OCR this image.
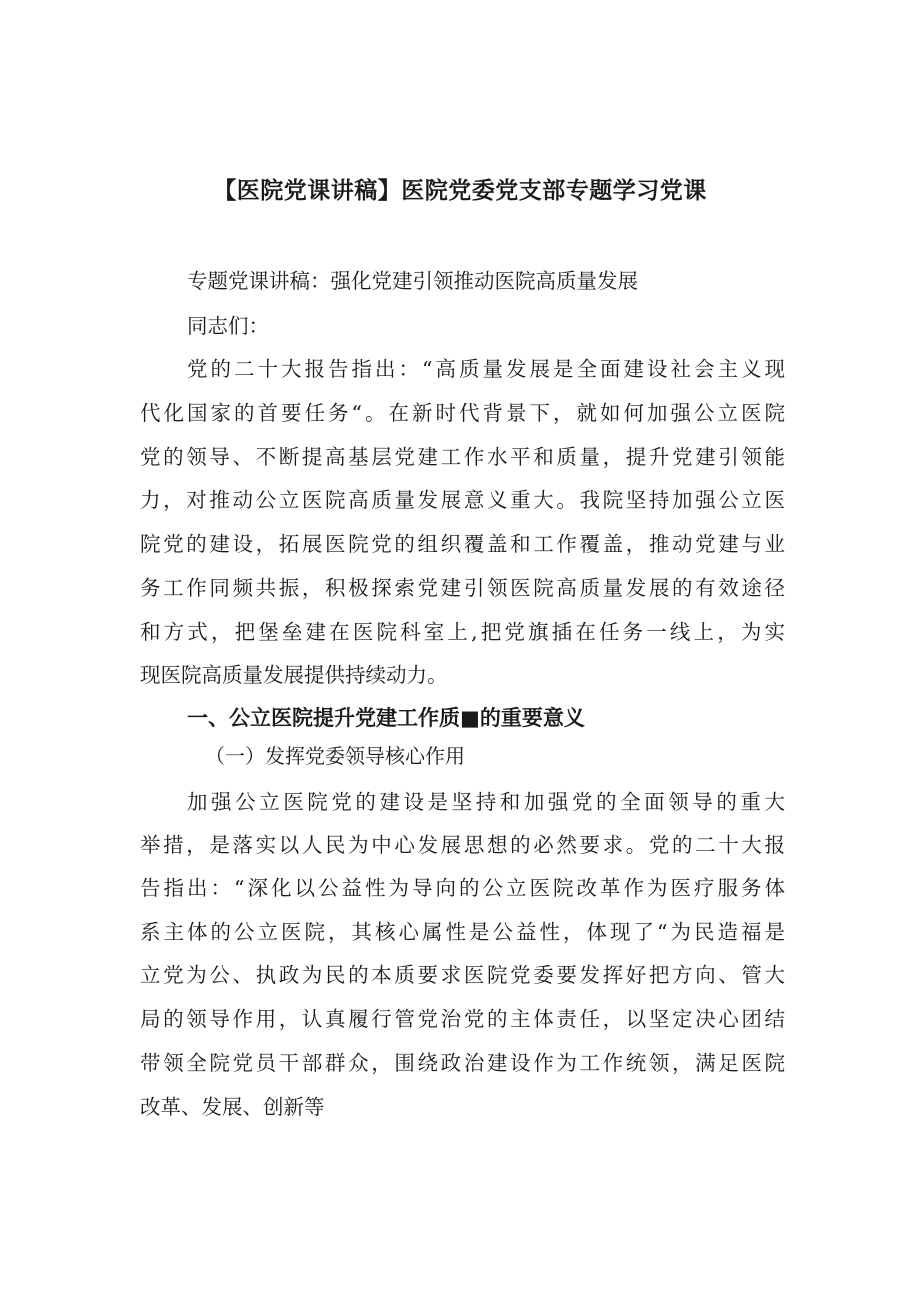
【医院党课讲稿】医院党委党支部专题学习党课
专题党课讲稿：强化党建引领推动医院高质量发展
同志们：
党的二十大报告指出：“高质量发展是全面建设社会主义现
代化国家的首要任务“。在新时代背景下，就如何加强公立医院
党的领导、不断提高基层党建工作水平和质量，提升党建引领能
力，对推动公立医院高质量发展意义重大。我院坚持加强公立医
院党的建设，拓展医院党的组织覆盖和工作覆盖，推动党建与业
务工作同频共振，积极探索党建引领医院高质量发展的有效途径
和方式，把堡垒建在医院科室上,把党旗插在任务一线上，为实
现医院高质量发展提供持续动力。
一、公立医院提升党建工作质■的重要意义
（一）发挥党委领导核心作用
加强公立医院党的建设是坚持和加强党的全面领导的重大
举措，是落实以人民为中心发展思想的必然要求。党的二十大报
告指出：“深化以公益性为导向的公立医院改革作为医疗服务体
系主体的公立医院，其核心属性是公益性，体现了“为民造福是
立党为公、执政为民的本质要求医院党委要发挥好把方向、管大
局的领导作用，认真履行管党治党的主体责任，以坚定决心团结
带领全院党员干部群众，围绕政治建设作为工作统领，满足医院
改革、发展、创新等
